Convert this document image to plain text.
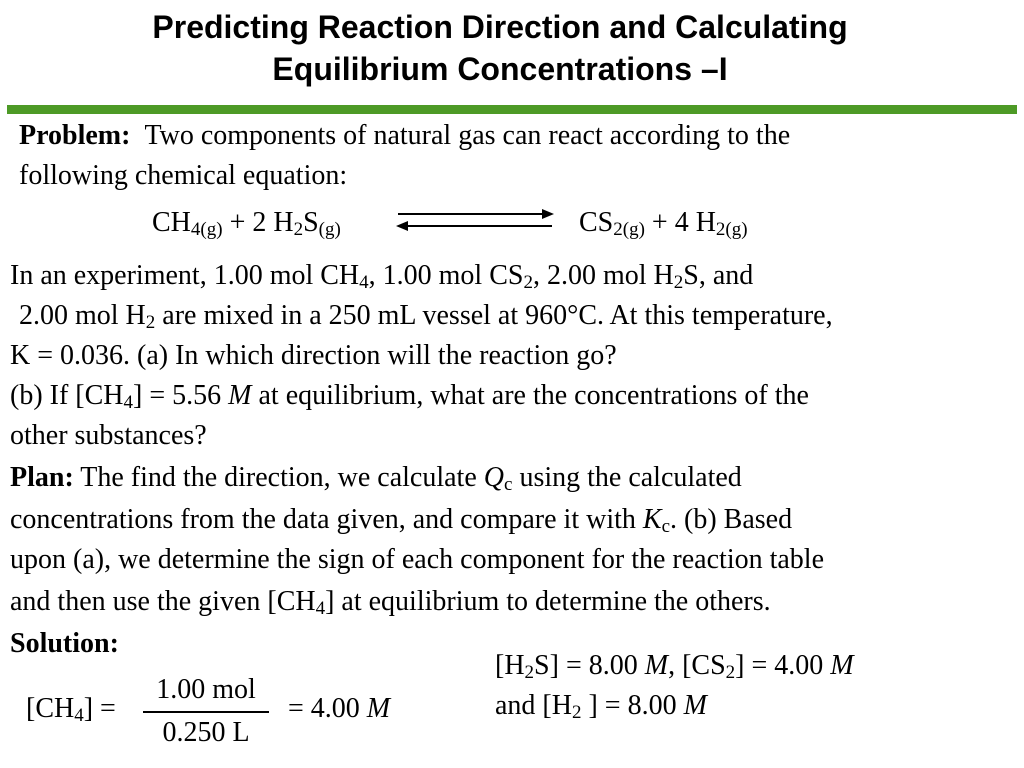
Predicting Reaction Direction and Calculating
Equilibrium Concentrations –I
Problem: Two components of natural gas can react according to the
following chemical equation:
$CH_{4(g)} + 2$ $H_2S_{(g)}$	$CS_{2(g)} + 4$ $H_{2(g)}$
In an experiment, 1.00 mol $CH_4$, 1.00 mol $CS_2$, 2.00 mol $H_2S$, and
2.00 mol $H_2$ are mixed in a 250 mL vessel at 960°C. At this temperature,
K = 0.036. (a) In which direction will the reaction go?
(b) If $[CH_4] = 5.56$ M at equilibrium, what are the concentrations of the
other substances?
Plan: The find the direction, we calculate $Q_c$ using the calculated
concentrations from the data given, and compare it with $K_c$. (b) Based
upon (a), we determine the sign of each component for the reaction table
and then use the given $[CH_4]$ at equilibrium to determine the others.
Solution:
$[CH_4]$ =
1.00 mol
0.250 L
= 4.00 M
$[H_2S] = 8.00$ M, $[CS_2] = 4.00$ M
and [$H_2$ ] = 8.00 M
